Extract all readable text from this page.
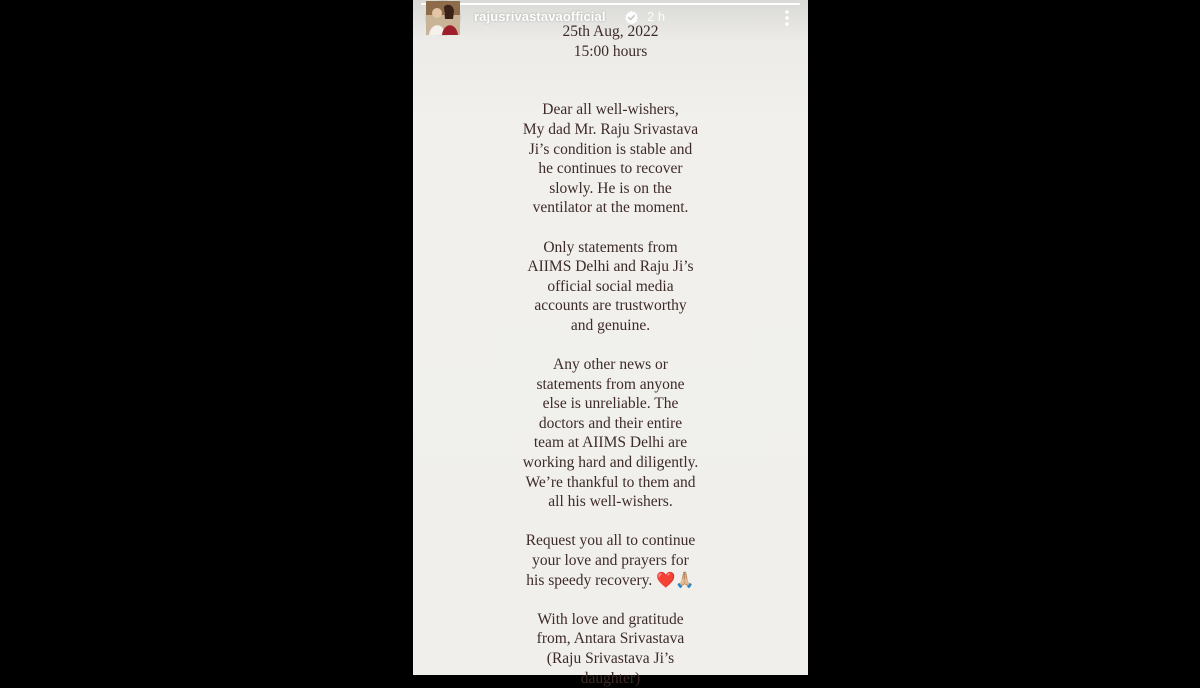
rajusrivastavaofficial	2 h
25th Aug, 2022
15:00 hours
Dear all well-wishers,
My dad Mr. Raju Srivastava
Ji’s condition is stable and
he continues to recover
slowly. He is on the
ventilator at the moment.
Only statements from
AIIMS Delhi and Raju Ji’s
official social media
accounts are trustworthy
and genuine.
Any other news or
statements from anyone
else is unreliable. The
doctors and their entire
team at AIIMS Delhi are
working hard and diligently.
We’re thankful to them and
all his well-wishers.
Request you all to continue
your love and prayers for
his speedy recovery. ❤️🙏🏼
With love and gratitude
from, Antara Srivastava
(Raju Srivastava Ji’s
daughter)
